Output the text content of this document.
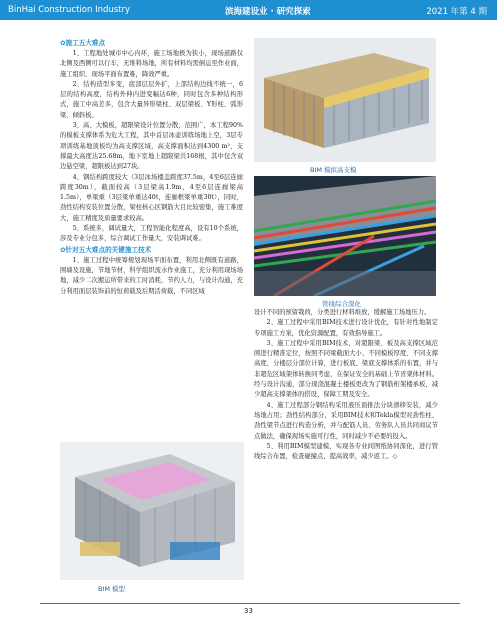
BinHai Construction Industry	滨海建设业 · 研究探索	2021 年第 4 期
✿施工五大难点

1、工程地处城市中心内环，施工场地极为狭小，现场道路仅北侧及西侧可以行车，无堆料场地，所有材料均需倒运至作业面，施工组织、现场平面布置难，降效严重。

2、结构造型多变，底部层层外扩，上部结构边线不统一，6层的结构高度，结构外伸内进变幅达6种，同时包含多种结构形式，施工中高差多，包含大量异形梁柱、双层梁板、Y形柱、弧形梁、倾斜板。

3、高、大模板，超限梁设计位置分散，范围广，本工程90%的模板支撑体系为危大工程，其中首层冰壶训练场地上空，3层专项训练基地顶板均为高支撑区域，高支撑面积达到4300 m²，支撑最大高度达25.68m，地下室地上超限梁共168根，其中包含双边悬空梁，超限板达到27块。

4、钢结构跨度较大（3层冰场楼盖跨度37.5m，4至6层连廊跨度30m），截面较高（3层梁高1.9m，4至6层连廊梁高1.5m），单梁重（3层梁单重达40t，连廊框梁单重30t），同时，劲性结构安装位置分散，梁柱核心区钢筋大且比较密集，施工难度大，施工精度及质量要求较高。

5、系统多，调试量大，工程智能化程度高，设有10个系统，涉及专业分包多，综合调试工作量大，安装调试难。

✿针对五大难点的关键施工技术

1、施工过程中统筹规划现场平面布置，利用北侧既有道路，围墙及设施，节地节材，科学组织流水作业施工，充分利用现场场地，减少二次搬运所带来的工时消耗，节约人力，与设计沟通，充分利用面层装饰前的恒荷载及后期活荷载，不同区域

BIM 模拟高支模
管线综合深化
BIM 模型

设计不同的预留栽荷，分类进行材料堆放，缓解施工场地压力。

2、施工过程中采用BIM技术进行设计优化，有针对性地制定专项施工方案，优化资源配置，有效指导施工。

3、施工过程中采用BIM技术，对超限梁、板及高支撑区域范围进行精准定位，按照不同梁截面大小、不同模板厚度、不同支撑高度，分楼层分部位计算，进行板底、梁底支撑体系的布置，并与非超危区域架体转换同考虑，在保证安全的基础上节省架体材料。经与设计沟通，部分现浇混凝土楼板更改为了钢筋桁架楼承板，减少超高支撑架体的搭设，保障工期及安全。

4、施工过程部分钢结构采用液压顶推法分块滑移安装，减少场地占用；劲性结构部分，采用BIM技术和Tekla模型对劲性柱、劲性梁节点进行构造分析，并与配筋人员、劳务队人员共同商议节点做法，确保现场实施可行性，同时减少不必要的投入。

5、利用BIM模型建模，实现各专业间图纸协同深化，进行管线综合布置，检查碰撞点，提高效率，减少返工。◇

33
